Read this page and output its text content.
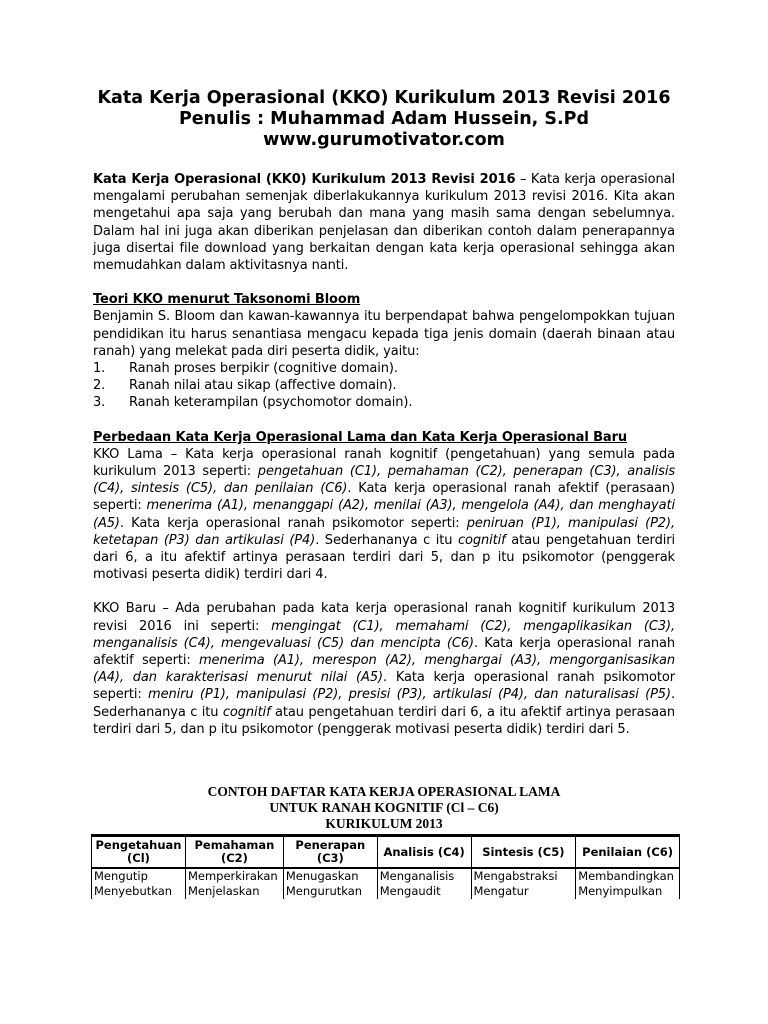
Kata Kerja Operasional (KKO) Kurikulum 2013 Revisi 2016
Penulis : Muhammad Adam Hussein, S.Pd
www.gurumotivator.com

Kata Kerja Operasional (KK0) Kurikulum 2013 Revisi 2016 – Kata kerja operasional mengalami perubahan semenjak diberlakukannya kurikulum 2013 revisi 2016. Kita akan mengetahui apa saja yang berubah dan mana yang masih sama dengan sebelumnya. Dalam hal ini juga akan diberikan penjelasan dan diberikan contoh dalam penerapannya juga disertai file download yang berkaitan dengan kata kerja operasional sehingga akan memudahkan dalam aktivitasnya nanti.

Teori KKO menurut Taksonomi Bloom

Benjamin S. Bloom dan kawan-kawannya itu berpendapat bahwa pengelompokkan tujuan pendidikan itu harus senantiasa mengacu kepada tiga jenis domain (daerah binaan atau ranah) yang melekat pada diri peserta didik, yaitu:

1.	Ranah proses berpikir (cognitive domain).
2.	Ranah nilai atau sikap (affective domain).
3.	Ranah keterampilan (psychomotor domain).
Perbedaan Kata Kerja Operasional Lama dan Kata Kerja Operasional Baru

KKO Lama – Kata kerja operasional ranah kognitif (pengetahuan) yang semula pada kurikulum 2013 seperti: pengetahuan (C1), pemahaman (C2), penerapan (C3), analisis (C4), sintesis (C5), dan penilaian (C6). Kata kerja operasional ranah afektif (perasaan) seperti: menerima (A1), menanggapi (A2), menilai (A3), mengelola (A4), dan menghayati (A5). Kata kerja operasional ranah psikomotor seperti: peniruan (P1), manipulasi (P2), ketetapan (P3) dan artikulasi (P4). Sederhananya c itu cognitif atau pengetahuan terdiri dari 6, a itu afektif artinya perasaan terdiri dari 5, dan p itu psikomotor (penggerak motivasi peserta didik) terdiri dari 4.

KKO Baru – Ada perubahan pada kata kerja operasional ranah kognitif kurikulum 2013 revisi 2016 ini seperti: mengingat (C1), memahami (C2), mengaplikasikan (C3), menganalisis (C4), mengevaluasi (C5) dan mencipta (C6). Kata kerja operasional ranah afektif seperti: menerima (A1), merespon (A2), menghargai (A3), mengorganisasikan (A4), dan karakterisasi menurut nilai (A5). Kata kerja operasional ranah psikomotor seperti: meniru (P1), manipulasi (P2), presisi (P3), artikulasi (P4), dan naturalisasi (P5). Sederhananya c itu cognitif atau pengetahuan terdiri dari 6, a itu afektif artinya perasaan terdiri dari 5, dan p itu psikomotor (penggerak motivasi peserta didik) terdiri dari 5.

CONTOH DAFTAR KATA KERJA OPERASIONAL LAMA
UNTUK RANAH KOGNITIF (Cl – C6)
KURIKULUM 2013
Pengetahuan (Cl)	Pemahaman (C2)	Penerapan (C3)	Analisis (C4)	Sintesis (C5)	Penilaian (C6)
Mengutip	Memperkirakan	Menugaskan	Menganalisis	Mengabstraksi	Membandingkan
Menyebutkan	Menjelaskan	Mengurutkan	Mengaudit	Mengatur	Menyimpulkan
